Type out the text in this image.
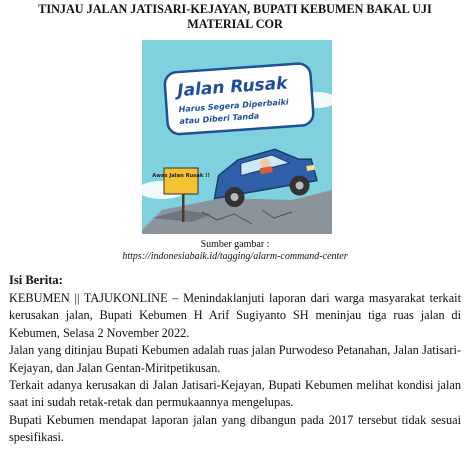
TINJAU JALAN JATISARI-KEJAYAN, BUPATI KEBUMEN BAKAL UJI MATERIAL COR
Jalan Rusak
Harus Segera Diperbaiki
atau Diberi Tanda
Awas Jalan Rusak !!
Sumber gambar :
https://indonesiabaik.id/tagging/alarm-command-center
Isi Berita:

KEBUMEN || TAJUKONLINE – Menindaklanjuti laporan dari warga masyarakat terkait kerusakan jalan, Bupati Kebumen H Arif Sugiyanto SH meninjau tiga ruas jalan di Kebumen, Selasa 2 November 2022.

Jalan yang ditinjau Bupati Kebumen adalah ruas jalan Purwodeso Petanahan, Jalan Jatisari-Kejayan, dan Jalan Gentan-Miritpetikusan.

Terkait adanya kerusakan di Jalan Jatisari-Kejayan, Bupati Kebumen melihat kondisi jalan saat ini sudah retak-retak dan permukaannya mengelupas.

Bupati Kebumen mendapat laporan jalan yang dibangun pada 2017 tersebut tidak sesuai spesifikasi.
